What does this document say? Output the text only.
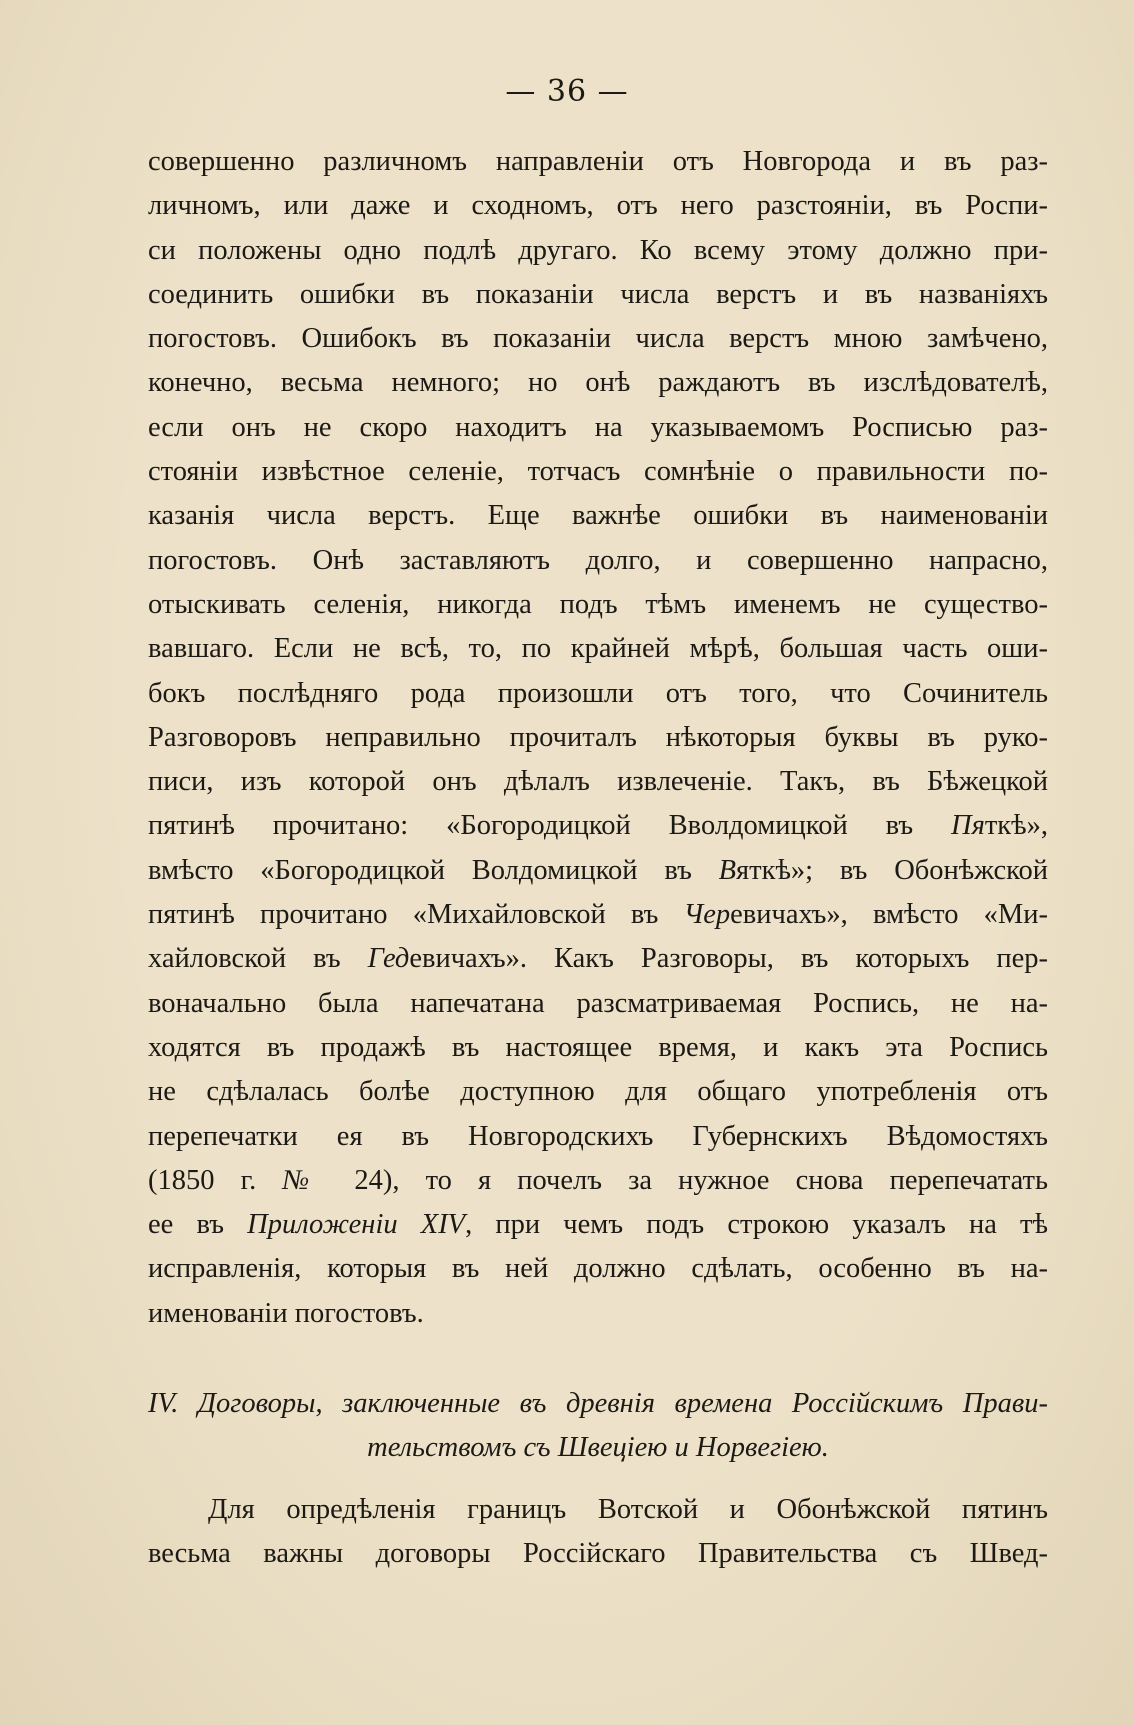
— 36 —
совершенно различномъ направленіи отъ Новгорода и въ раз-
личномъ, или даже и сходномъ, отъ него разстояніи, въ Роспи-
си положены одно подлѣ другаго. Ко всему этому должно при-
соединить ошибки въ показаніи числа верстъ и въ названіяхъ
погостовъ. Ошибокъ въ показаніи числа верстъ мною замѣчено,
конечно, весьма немного; но онѣ раждаютъ въ изслѣдователѣ,
если онъ не скоро находитъ на указываемомъ Росписью раз-
стояніи извѣстное селеніе, тотчасъ сомнѣніе о правильности по-
казанія числа верстъ. Еще важнѣе ошибки въ наименованіи
погостовъ. Онѣ заставляютъ долго, и совершенно напрасно,
отыскивать селенія, никогда подъ тѣмъ именемъ не существо-
вавшаго. Если не всѣ, то, по крайней мѣрѣ, большая часть оши-
бокъ послѣдняго рода произошли отъ того, что Сочинитель
Разговоровъ неправильно прочиталъ нѣкоторыя буквы въ руко-
писи, изъ которой онъ дѣлалъ извлеченіе. Такъ, въ Бѣжецкой
пятинѣ прочитано: «Богородицкой Вволдомицкой въ Пяткѣ»,
вмѣсто «Богородицкой Волдомицкой въ Вяткѣ»; въ Обонѣжской
пятинѣ прочитано «Михайловской въ Черевичахъ», вмѣсто «Ми-
хайловской въ Гедевичахъ». Какъ Разговоры, въ которыхъ пер-
воначально была напечатана разсматриваемая Роспись, не на-
ходятся въ продажѣ въ настоящее время, и какъ эта Роспись
не сдѣлалась болѣе доступною для общаго употребленія отъ
перепечатки ея въ Новгородскихъ Губернскихъ Вѣдомостяхъ
(1850 г. № 24), то я почелъ за нужное снова перепечатать
ее въ Приложеніи XIV, при чемъ подъ строкою указалъ на тѣ
исправленія, которыя въ ней должно сдѣлать, особенно въ на-
именованіи погостовъ.
IV. Договоры, заключенные въ древнія времена Россійскимъ Прави-
тельствомъ съ Швеціею и Норвегіею.
Для опредѣленія границъ Вотской и Обонѣжской пятинъ
весьма важны договоры Россійскаго Правительства съ Швед-
